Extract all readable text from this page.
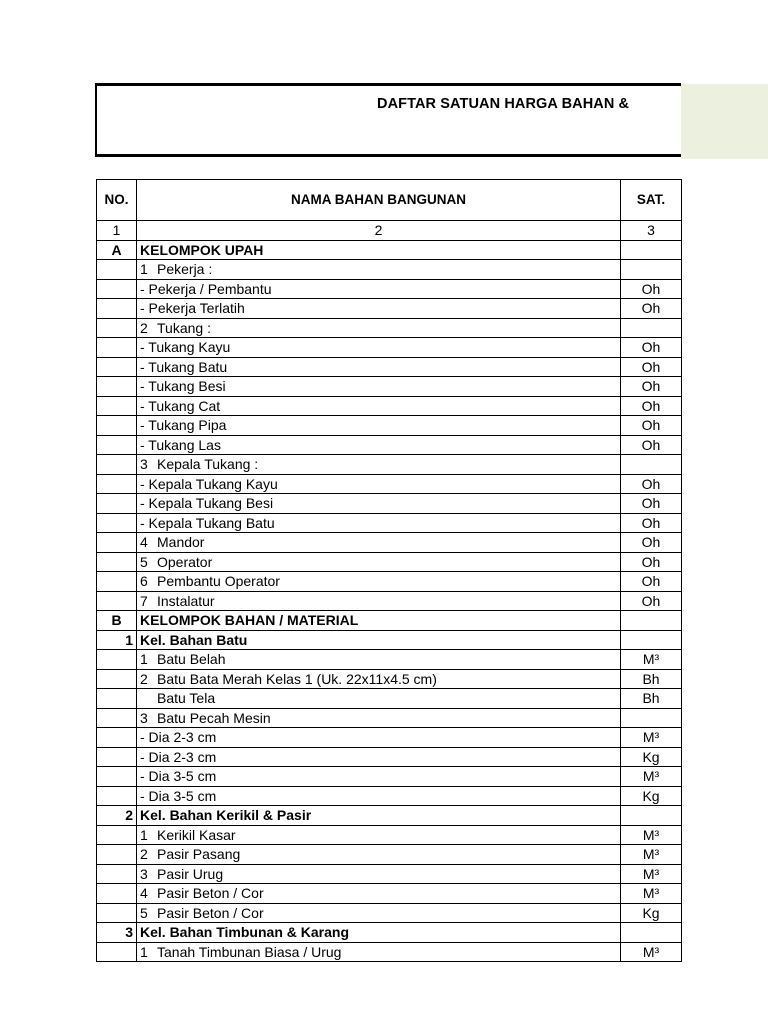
DAFTAR SATUAN HARGA BAHAN &
NO.	NAMA BAHAN BANGUNAN	SAT.
1	2	3
A	KELOMPOK UPAH	
	1 Pekerja :	
	- Pekerja / Pembantu	Oh
	- Pekerja Terlatih	Oh
	2 Tukang :	
	- Tukang Kayu	Oh
	- Tukang Batu	Oh
	- Tukang Besi	Oh
	- Tukang Cat	Oh
	- Tukang Pipa	Oh
	- Tukang Las	Oh
	3 Kepala Tukang :	
	- Kepala Tukang Kayu	Oh
	- Kepala Tukang Besi	Oh
	- Kepala Tukang Batu	Oh
	4 Mandor	Oh
	5 Operator	Oh
	6 Pembantu Operator	Oh
	7 Instalatur	Oh
B	KELOMPOK BAHAN / MATERIAL	
1	Kel. Bahan Batu	
	1 Batu Belah	M³
	2 Batu Bata Merah Kelas 1 (Uk. 22x11x4.5 cm)	Bh
	Batu Tela	Bh
	3 Batu Pecah Mesin	
	- Dia 2-3 cm	M³
	- Dia 2-3 cm	Kg
	- Dia 3-5 cm	M³
	- Dia 3-5 cm	Kg
2	Kel. Bahan Kerikil & Pasir	
	1 Kerikil Kasar	M³
	2 Pasir Pasang	M³
	3 Pasir Urug	M³
	4 Pasir Beton / Cor	M³
	5 Pasir Beton / Cor	Kg
3	Kel. Bahan Timbunan & Karang	
	1 Tanah Timbunan Biasa / Urug	M³
